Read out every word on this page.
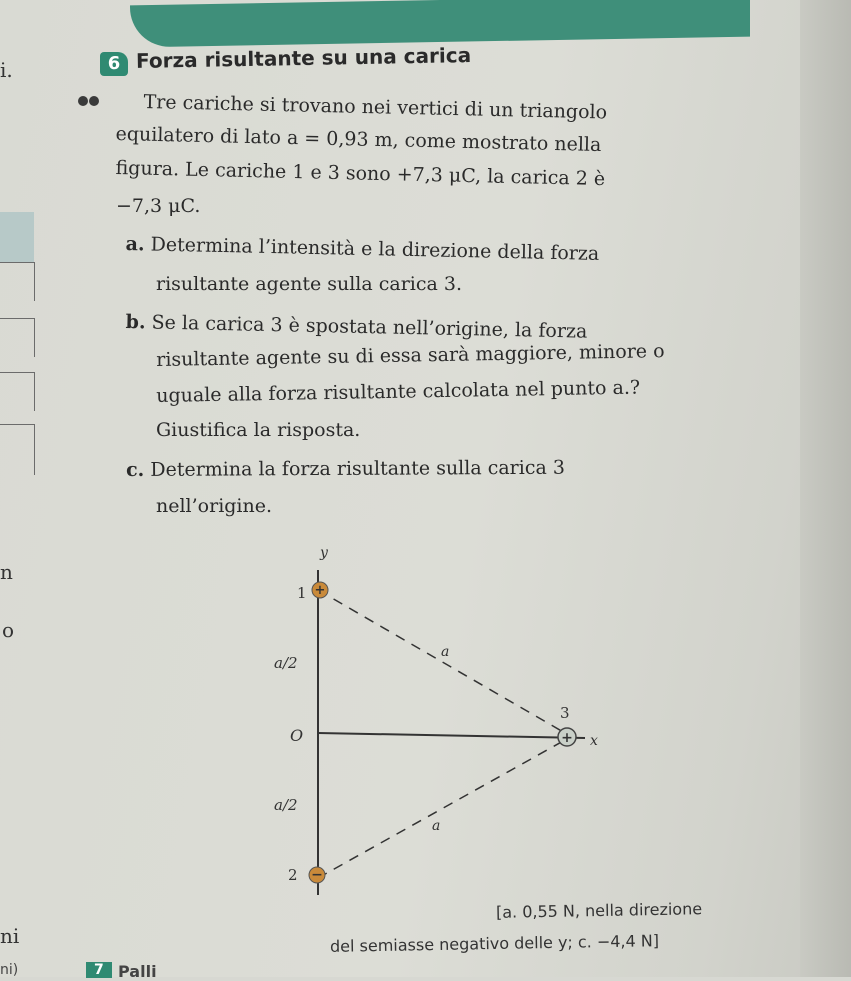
i.
n
o
ni
ni)
6 Forza risultante su una carica

Tre cariche si trovano nei vertici di un triangolo

equilatero di lato a = 0,93 m, come mostrato nella

figura. Le cariche 1 e 3 sono +7,3 μC, la carica 2 è

−7,3 μC.

a. Determina l’intensità e la direzione della forza

risultante agente sulla carica 3.

b. Se la carica 3 è spostata nell’origine, la forza

risultante agente su di essa sarà maggiore, minore o

uguale alla forza risultante calcolata nel punto a.?

Giustifica la risposta.

c. Determina la forza risultante sulla carica 3

nell’origine.

y
x
O
a/2
a/2
a
a
1
2
3
+
−
+
[a. 0,55 N, nella direzione
del semiasse negativo delle y; c. −4,4 N]
7 Palli
